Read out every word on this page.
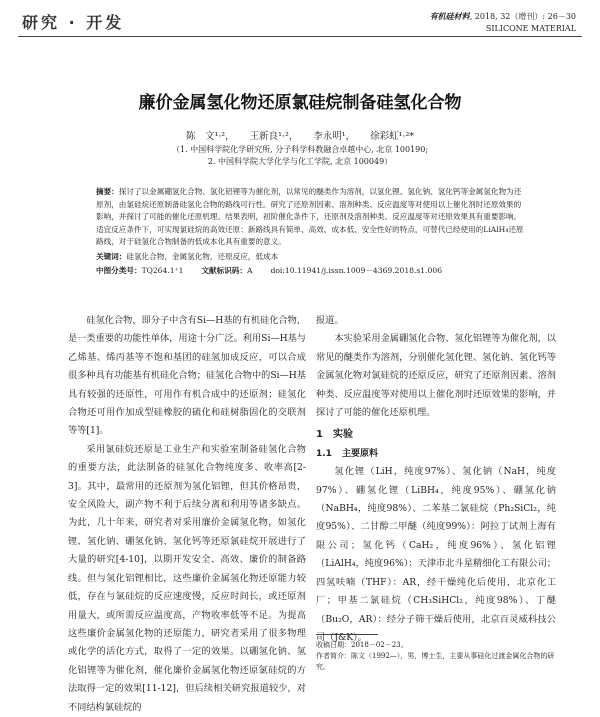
研究 · 开发	有机硅材料, 2018, 32（增刊）: 26－30
SILICONE MATERIAL
廉价金属氢化物还原氯硅烷制备硅氢化合物
陈　文¹·²， 王新良¹·²， 李永明¹， 徐彩虹¹·²*
（1. 中国科学院化学研究所, 分子科学科教融合卓越中心, 北京 100190;
2. 中国科学院大学化学与化工学院, 北京 100049）
摘要：探讨了以金属硼氢化合物、氢化铝锂等为催化剂，以常见的醚类作为溶剂，以氢化锂、氢化钠、氢化钙等金属氢化物为还原剂，由氯硅烷还原制备硅氢化合物的路线可行性。研究了还原剂因素、溶剂种类、反应温度等对使用以上催化剂时还原效果的影响，并探讨了可能的催化还原机理。结果表明，初阶催化条件下，还原剂及溶剂种类、反应温度等对还原效果具有重要影响。适宜反应条件下，可实现氯硅烷的高效还原；新路线具有简单、高效、成本低、安全性好的特点，可替代已经使用的LiAlH₄还原路线，对于硅氢化合物制备的低成本化具有重要的意义。
关键词：硅氢化合物，金属氢化物，还原反应，低成本
中图分类号：TQ264.1⁺1 文献标识码：A doi:10.11941/j.issn.1009－4369.2018.s1.006

硅氢化合物，即分子中含有Si—H基的有机硅化合物，是一类重要的功能性单体，用途十分广泛。利用Si—H基与乙烯基、烯丙基等不饱和基团的硅氢加成反应，可以合成很多种具有功能基有机硅化合物；硅氢化合物中的Si—H基具有较强的还原性，可用作有机合成中的还原剂；硅氢化合物还可用作加成型硅橡胶的硫化和硅树脂固化的交联剂等等[1]。

采用氯硅烷还原是工业生产和实验室制备硅氢化合物的重要方法，此法制备的硅氢化合物纯度多、收率高[2-3]。其中，最常用的还原剂为氢化铝锂，但其价格昂贵，安全风险大，副产物不利于后续分离和利用等诸多缺点。为此，几十年来，研究者对采用廉价金属氢化物，如氢化锂、氢化钠、硼氢化钠、氢化钙等还原氯硅烷开展进行了大量的研究[4-10]，以期开发安全、高效、廉价的制备路线。但与氢化铝锂相比，这些廉价金属氢化物还原能力较低，存在与氯硅烷的反应速度慢，反应时间长，或还原剂用量大，或所需反应温度高，产物收率低等不足。为提高这些廉价金属氢化物的还原能力，研究者采用了很多物理或化学的活化方式，取得了一定的效果。以硼氢化钠、氢化铝锂等为催化剂，催化廉价金属氢化物还原氯硅烷的方法取得一定的效果[11-12]，但后续相关研究报道较少，对不同结构氯硅烷的

报道。

本实验采用金属硼氢化合物、氢化铝锂等为催化剂，以常见的醚类作为溶剂，分别催化氢化锂、氢化钠、氢化钙等金属氢化物对氯硅烷的还原反应，研究了还原剂因素、溶剂种类、反应温度等对使用以上催化剂时还原效果的影响，并探讨了可能的催化还原机理。

1 实验
1.1 主要原料

氢化锂（LiH，纯度97%）、氢化钠（NaH，纯度97%）、硼氢化锂（LiBH₄，纯度95%）、硼氢化钠（NaBH₄，纯度98%）、二苯基二氯硅烷（Ph₂SiCl₂，纯度95%）、二甘醇二甲醚（纯度99%）：阿拉丁试剂上海有限公司；氢化钙（CaH₂，纯度96%）、氢化铝锂（LiAlH₄，纯度96%）：天津市北斗星精细化工有限公司；四氢呋喃（THF）：AR，经干燥纯化后使用，北京化工厂；甲基二氯硅烷（CH₃SiHCl₂，纯度98%）、丁醚（Bu₂O，AR）：经分子筛干燥后使用，北京百灵威科技公司（J&K）。

收稿日期：2018－02－23。
作者简介：陈文（1992—），男，博士生，主要从事硅化过渡金属化合物的研究。
